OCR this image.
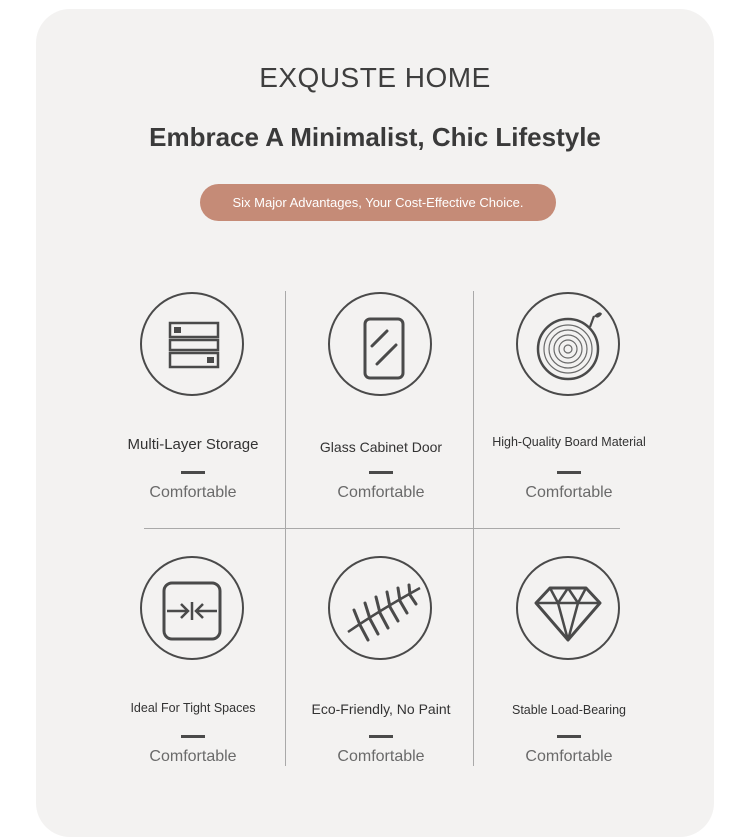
EXQUSTE HOME
Embrace A Minimalist, Chic Lifestyle
Six Major Advantages, Your Cost-Effective Choice.
Multi-Layer Storage
Comfortable
Glass Cabinet Door
Comfortable
High-Quality Board Material
Comfortable
Ideal For Tight Spaces
Comfortable
Eco-Friendly, No Paint
Comfortable
Stable Load-Bearing
Comfortable
